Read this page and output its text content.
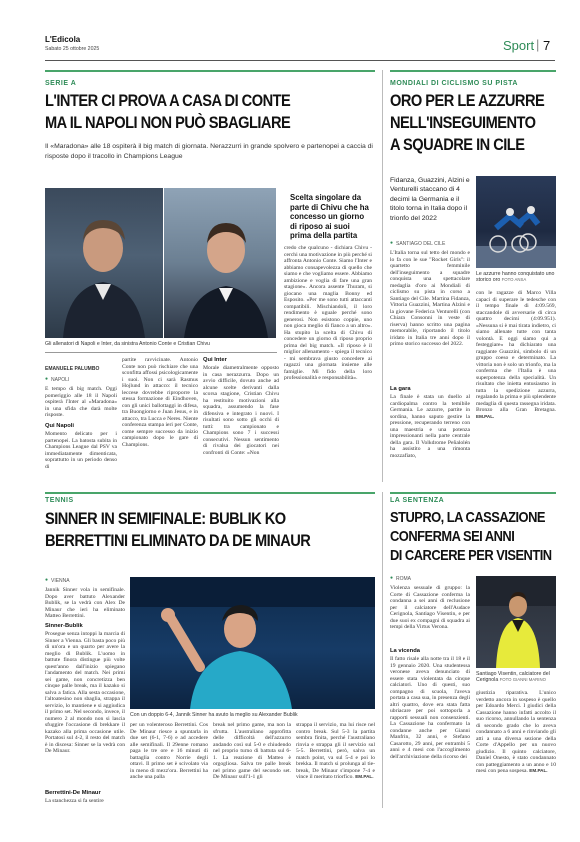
L'Edicola
Sabato 25 ottobre 2025	Sport | 7
SERIE A
L'INTER CI PROVA A CASA DI CONTE
MA IL NAPOLI NON PUÒ SBAGLIARE
Il «Maradona» alle 18 ospiterà il big match di giornata. Nerazzurri in grande spolvero e partenopei a caccia di risposte dopo il tracollo in Champions League
Gli allenatori di Napoli e Inter, da sinistra Antonio Conte e Cristian Chivu
Scelta singolare da parte di Chivu che ha concesso un giorno di riposo ai suoi prima della partita
EMANUELE PALUMBO
NAPOLI
●
E tempo di big match. Oggi pomeriggio alle 18 il Napoli ospiterà l'Inter al «Maradona» in una sfida che darà molte risposte.
Qui Napoli
Momento delicato per i partenopei. La batosta subita in Champions League dal PSV va immediatamente dimenticata, soprattutto in un periodo denso di
partite ravvicinate. Antonio Conte non può rischiare che una sconfitta affossi psicologicamente i suoi. Non ci sarà Rasmus Hojlund in attacco: il tecnico leccese dovrebbe riproporre la stessa formazione di Eindhoven, con gli unici ballottaggi in difesa, tra Buongiorno e Juan Jesus, e in attacco, tra Lucca e Neres. Niente conferenza stampa ieri per Conte, come sempre successo da inizio campionato dopo le gare di Champions.
Qui Inter
Morale diametralmente opposto in casa nerazzurra. Dopo un avvio difficile, dovuto anche ad alcune scelte derivanti dalla scorsa stagione, Cristian Chivu ha restituito motivazioni alla squadra, assumendo la fase difensiva e integrato i nuovi. I risultati sono sotto gli occhi di tutti: tra campionato e Champions sono 7 i successi consecutivi. Nessun sentimento di rivalsa dei giocatori nei confronti di Conte: «Non
credo che qualcuno - dichiara Chivu - cerchi una motivazione in più perché si affronta Antonio Conte. Siamo l'Inter e abbiamo consapevolezza di quello che siamo e che vogliamo essere. Abbiamo ambizione e voglia di fare una gran stagione». Ancora assente Thuram, si giocano una maglia Bonny ed Esposito. «Per me sono tutti attaccanti compatibili. Mischiandoli, il loro rendimento è uguale perché sono generosi. Non esistono coppie, uno non gioca meglio di fianco a un altro». Ha stupito la scelta di Chivu di concedere un giorno di riposo proprio prima del big match. «Il riposo è il miglior allenamento - spiega il tecnico - mi sembrava giusto concedere ai ragazzi una giornata insieme alle famiglie. Mi fido della loro professionalità e responsabilità».
MONDIALI DI CICLISMO SU PISTA
ORO PER LE AZZURRE
NELL'INSEGUIMENTO
A SQUADRE IN CILE
Fidanza, Guazzini, Alzini e Venturelli staccano di 4 decimi la Germania e il titolo torna in Italia dopo il trionfo del 2022
Le azzurre hanno conquistato uno storico oro FOTO ANSA
SANTIAGO DEL CILE
●
L'Italia torna sul tetto del mondo e lo fa con le sue "Rocket Girls": il quartetto femminile dell'inseguimento a squadre conquista una spettacolare medaglia d'oro ai Mondiali di ciclismo su pista in corso a Santiago del Cile. Martina Fidanza, Vittoria Guazzini, Martina Alzini e la giovane Federica Venturelli (con Chiara Consonni in veste di riserva) hanno scritto una pagina memorabile, riportando il titolo iridato in Italia tre anni dopo il primo storico successo del 2022.
La gara
La finale è stata un duello al cardiopalma contro la temibile Germania. Le azzurre, partite in sordina, hanno saputo gestire la pressione, recuperando terreno con una maestria e una potenza impressionanti nella parte centrale della gara. Il Volkdrome Peñalolén ha assistito a una rimonta mozzafiato,
con le ragazze di Marco Villa capaci di superare le tedesche con il tempo finale di 4:09.569, staccandole di avversarie di circa quattro decimi (4:09.951). «Nessuna si è mai tirata indietro, ci siamo allenate tutte con tanta volontà. E oggi siamo qui a festeggiare» ha dichiarato una raggiante Guazzini, simbolo di un gruppo coeso e determinato. La vittoria non è solo un trionfo, ma la conferma che l'Italia è una superpotenza della specialità. Un risultato che inietta entusiasmo in tutta la spedizione azzurra, regalando la prima e più splendente medaglia di questa rassegna iridata. Bronzo alla Gran Bretagna. EM.PAL.
TENNIS
SINNER IN SEMIFINALE: BUBLIK KO
BERRETTINI ELIMINATO DA DE MINAUR
VIENNA
●
Jannik Sinner vola in semifinale. Dopo aver battuto Alexander Bublik, se la vedrà con Alex De Minaur che ieri ha eliminato Matteo Berrettini.
Sinner-Bublik
Prosegue senza intoppi la marcia di Sinner a Vienna. Gli basta poco più di un'ora e un quarto per avere la meglio di Bublik. L'uomo in battute finora distingue più volte quest'anno dall'inizio spiegano l'andamento del match. Nei primi sei game, non concretizza ben cinque palle break, ma il kazako si salva a fatica. Alla sesta occasione, l'altoatesino non sbaglia, strappa il servizio, lo mantiene e si aggiudica il primo set. Nel secondo, invece, il numero 2 al mondo non si lascia sfuggire l'occasione di brekkare il kazako alla prima occasione utile. Portatosi sul 4-2, il resto del match è in discesa: Sinner se la vedrà con De Minaur.
Berrettini-De Minaur
La stanchezza si fa sentire
Con un doppio 6-4, Jannik Sinner ha avuto la meglio su Alexander Bublik
per un volenteroso Berrettini. Cos De Minaur riesce a spuntarla in due set (6-1, 7-6) e ad accedere alle semifinali. Il 29enne romano paga le tre ore e 16 minuti di battaglia contro Norrie degli ottavi. Il primo set è scivolato via in meno di mezz'ora. Berrettini ha anche una palla
break nel primo game, ma non la sfrutta. L'australiano approfitta delle difficoltà dell'azzurro andando così sul 5-0 e chiudendo nel proprio turno di battuta sul 6-1. La reazione di Matteo è orgogliosa. Salva tre palle break nel primo game del secondo set. De Minaur sull'1-1 gli
strappa il servizio, ma lui risce nel contro break. Sul 5-3 la partita sembra finita, perché l'australiano rinvia e strappa gli il servizio sul 5-5. Berrettini, però, salva un match point, va sul 5-4 e poi lo brekka. Il match si prolunga al tie-break, De Minaur s'impone 7-4 e vince il meritato triorfico. EM.PAL.
LA SENTENZA
STUPRO, LA CASSAZIONE
CONFERMA SEI ANNI
DI CARCERE PER VISENTIN
ROMA
●
Violenza sessuale di gruppo: la Corte di Cassazione conferma la condanna a sei anni di reclusione per il calciatore dell'Audace Cerignola, Santiago Visentin, e per due suoi ex compagni di squadra ai tempi della Virtus Verona.
La vicenda
Il fatto risale alla notte tra il 18 e il 19 gennaio 2020. Una studentessa veronese aveva denunciato di essere stata violentata da cinque calciatori. Uno di questi, suo compagno di scuola, l'aveva portata a casa sua, in presenza degli altri quattro, dove era stata fatta ubriacare per poi sottoporla a rapporti sessuali non consenzienti. La Cassazione ha confermato la condanne anche per Gianni Manfrin, 32 anni, e Stefano Casarotto, 29 anni, per entrambi 5 anni e 4 mesi con l'accoglimento dell'archiviazione della ricorso dei
Santiago Visentin, calciatore del Cerignola FOTO GIANNI MARINO
giustizia riparativa. L'unico verdetto ancora in sospeso è quello per Edoardo Merci. I giudici della Cassazione hanno infatti accolto il suo ricorso, annullando la sentenza di secondo grado che lo aveva condannato a 6 anni e rinviando gli atti a una diversa sezione della Corte d'Appello per un nuovo giudizio. Il quinto calciatore, Daniel Onesto, è stato condannato con patteggiamento a un anno e 10 mesi con pena sospesa. EM.PAL.
